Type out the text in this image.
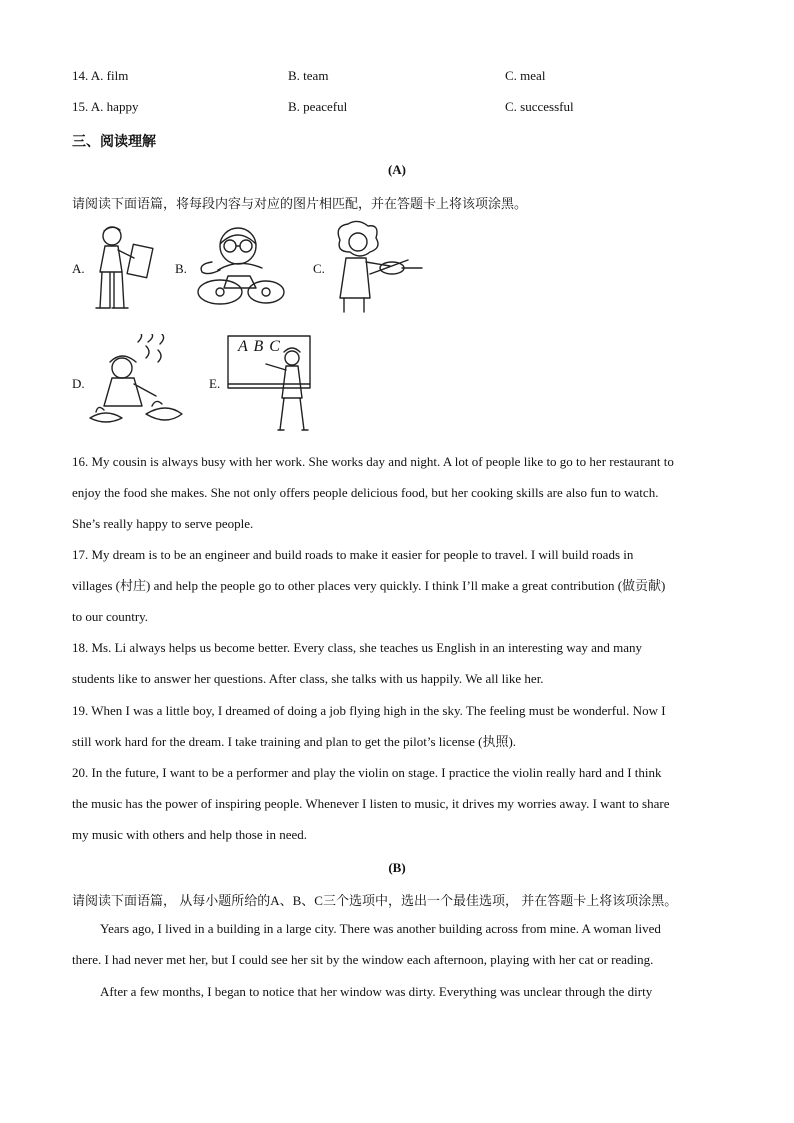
14. A. film	B. team	C. meal
15. A. happy	B. peaceful	C. successful
三、阅读理解
(A)
请阅读下面语篇，将每段内容与对应的图片相匹配，并在答题卡上将该项涂黑。
A.	B.	C.
D.	E.
A B C
16. My cousin is always busy with her work. She works day and night. A lot of people like to go to her restaurant to
enjoy the food she makes. She not only offers people delicious food, but her cooking skills are also fun to watch.
She’s really happy to serve people.
17. My dream is to be an engineer and build roads to make it easier for people to travel. I will build roads in
villages (村庄) and help the people go to other places very quickly. I think I’ll make a great contribution (做贡献)
to our country.
18. Ms. Li always helps us become better. Every class, she teaches us English in an interesting way and many
students like to answer her questions. After class, she talks with us happily. We all like her.
19. When I was a little boy, I dreamed of doing a job flying high in the sky. The feeling must be wonderful. Now I
still work hard for the dream. I take training and plan to get the pilot’s license (执照).
20. In the future, I want to be a performer and play the violin on stage. I practice the violin really hard and I think
the music has the power of inspiring people. Whenever I listen to music, it drives my worries away. I want to share
my music with others and help those in need.
(B)
请阅读下面语篇， 从每小题所给的A、B、C三个选项中，选出一个最佳选项， 并在答题卡上将该项涂黑。
Years ago, I lived in a building in a large city. There was another building across from mine. A woman lived
there. I had never met her, but I could see her sit by the window each afternoon, playing with her cat or reading.
After a few months, I began to notice that her window was dirty. Everything was unclear through the dirty
